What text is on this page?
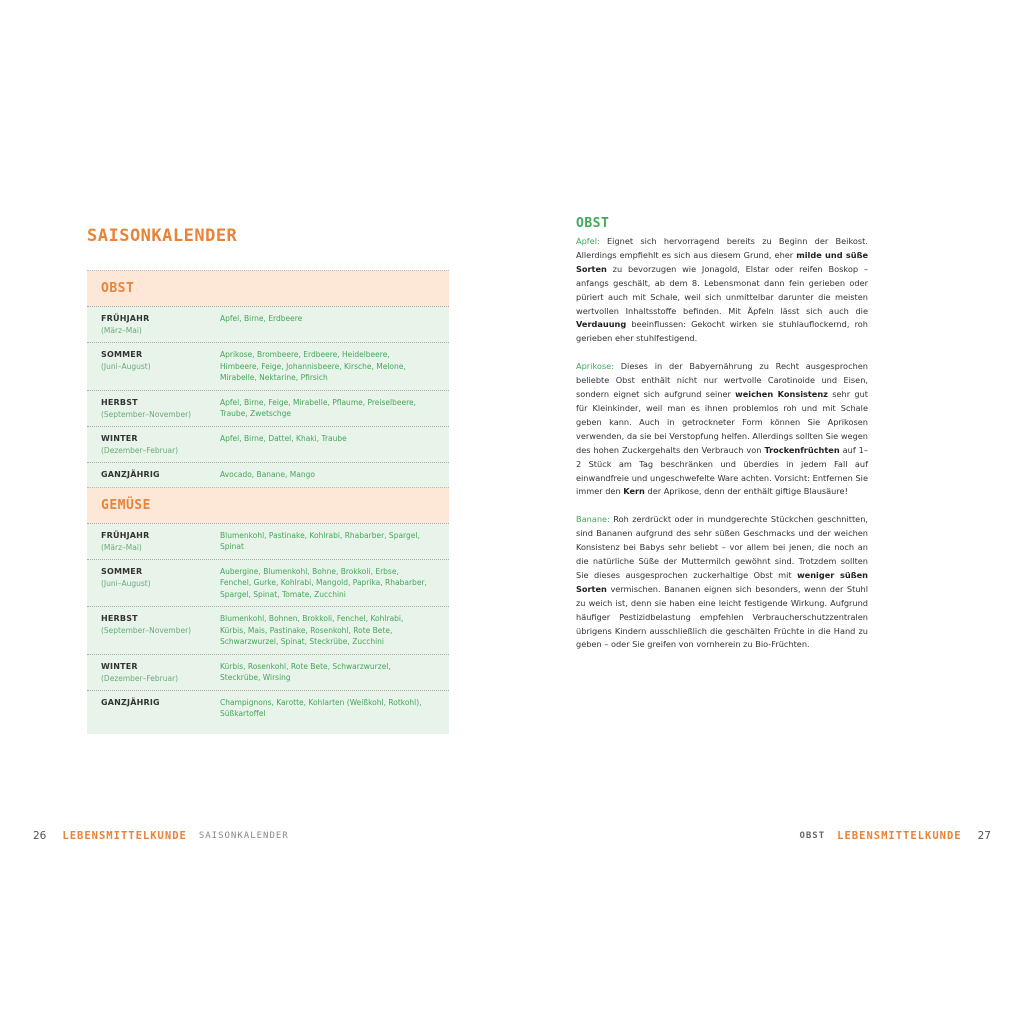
SAISONKALENDER
OBST
FRÜHJAHR
(März–Mai)
Apfel, Birne, Erdbeere
SOMMER
(Juni–August)
Aprikose, Brombeere, Erdbeere, Heidelbeere, Himbeere, Feige, Johannisbeere, Kirsche, Melone, Mirabelle, Nektarine, Pfirsich
HERBST
(September–November)
Apfel, Birne, Feige, Mirabelle, Pflaume, Preiselbeere, Traube, Zwetschge
WINTER
(Dezember–Februar)
Apfel, Birne, Dattel, Khaki, Traube
GANZJÄHRIG	Avocado, Banane, Mango
GEMÜSE
FRÜHJAHR
(März–Mai)
Blumenkohl, Pastinake, Kohlrabi, Rhabarber, Spargel, Spinat
SOMMER
(Juni–August)
Aubergine, Blumenkohl, Bohne, Brokkoli, Erbse, Fenchel, Gurke, Kohlrabi, Mangold, Paprika, Rhabarber, Spargel, Spinat, Tomate, Zucchini
HERBST
(September–November)
Blumenkohl, Bohnen, Brokkoli, Fenchel, Kohlrabi, Kürbis, Mais, Pastinake, Rosenkohl, Rote Bete, Schwarzwurzel, Spinat, Steckrübe, Zucchini
WINTER
(Dezember–Februar)
Kürbis, Rosenkohl, Rote Bete, Schwarzwurzel, Steckrübe, Wirsing
GANZJÄHRIG	Champignons, Karotte, Kohlarten (Weißkohl, Rotkohl), Süßkartoffel
26 LEBENSMITTELKUNDE SAISONKALENDER
OBST

Apfel: Eignet sich hervorragend bereits zu Beginn der Beikost. Allerdings empfiehlt es sich aus diesem Grund, eher milde und süße Sorten zu bevorzugen wie Jonagold, Elstar oder reifen Boskop – anfangs geschält, ab dem 8. Lebensmonat dann fein gerieben oder püriert auch mit Schale, weil sich unmittelbar darunter die meisten wertvollen Inhaltsstoffe befinden. Mit Äpfeln lässt sich auch die Verdauung beeinflussen: Gekocht wirken sie stuhlauflockernd, roh gerieben eher stuhlfestigend.

Aprikose: Dieses in der Babyernährung zu Recht ausgesprochen beliebte Obst enthält nicht nur wertvolle Carotinoide und Eisen, sondern eignet sich aufgrund seiner weichen Konsistenz sehr gut für Kleinkinder, weil man es ihnen problemlos roh und mit Schale geben kann. Auch in getrockneter Form können Sie Aprikosen verwenden, da sie bei Verstopfung helfen. Allerdings sollten Sie wegen des hohen Zuckergehalts den Verbrauch von Trockenfrüchten auf 1–2 Stück am Tag beschränken und überdies in jedem Fall auf einwandfreie und ungeschwefelte Ware achten. Vorsicht: Entfernen Sie immer den Kern der Aprikose, denn der enthält giftige Blausäure!

Banane: Roh zerdrückt oder in mundgerechte Stückchen geschnitten, sind Bananen aufgrund des sehr süßen Geschmacks und der weichen Konsistenz bei Babys sehr beliebt – vor allem bei jenen, die noch an die natürliche Süße der Muttermilch gewöhnt sind. Trotzdem sollten Sie dieses ausgesprochen zuckerhaltige Obst mit weniger süßen Sorten vermischen. Bananen eignen sich besonders, wenn der Stuhl zu weich ist, denn sie haben eine leicht festigende Wirkung. Aufgrund häufiger Pestizidbelastung empfehlen Verbraucherschutzzentralen übrigens Kindern ausschließlich die geschälten Früchte in die Hand zu geben – oder Sie greifen von vornherein zu Bio-Früchten.

OBST LEBENSMITTELKUNDE 27
